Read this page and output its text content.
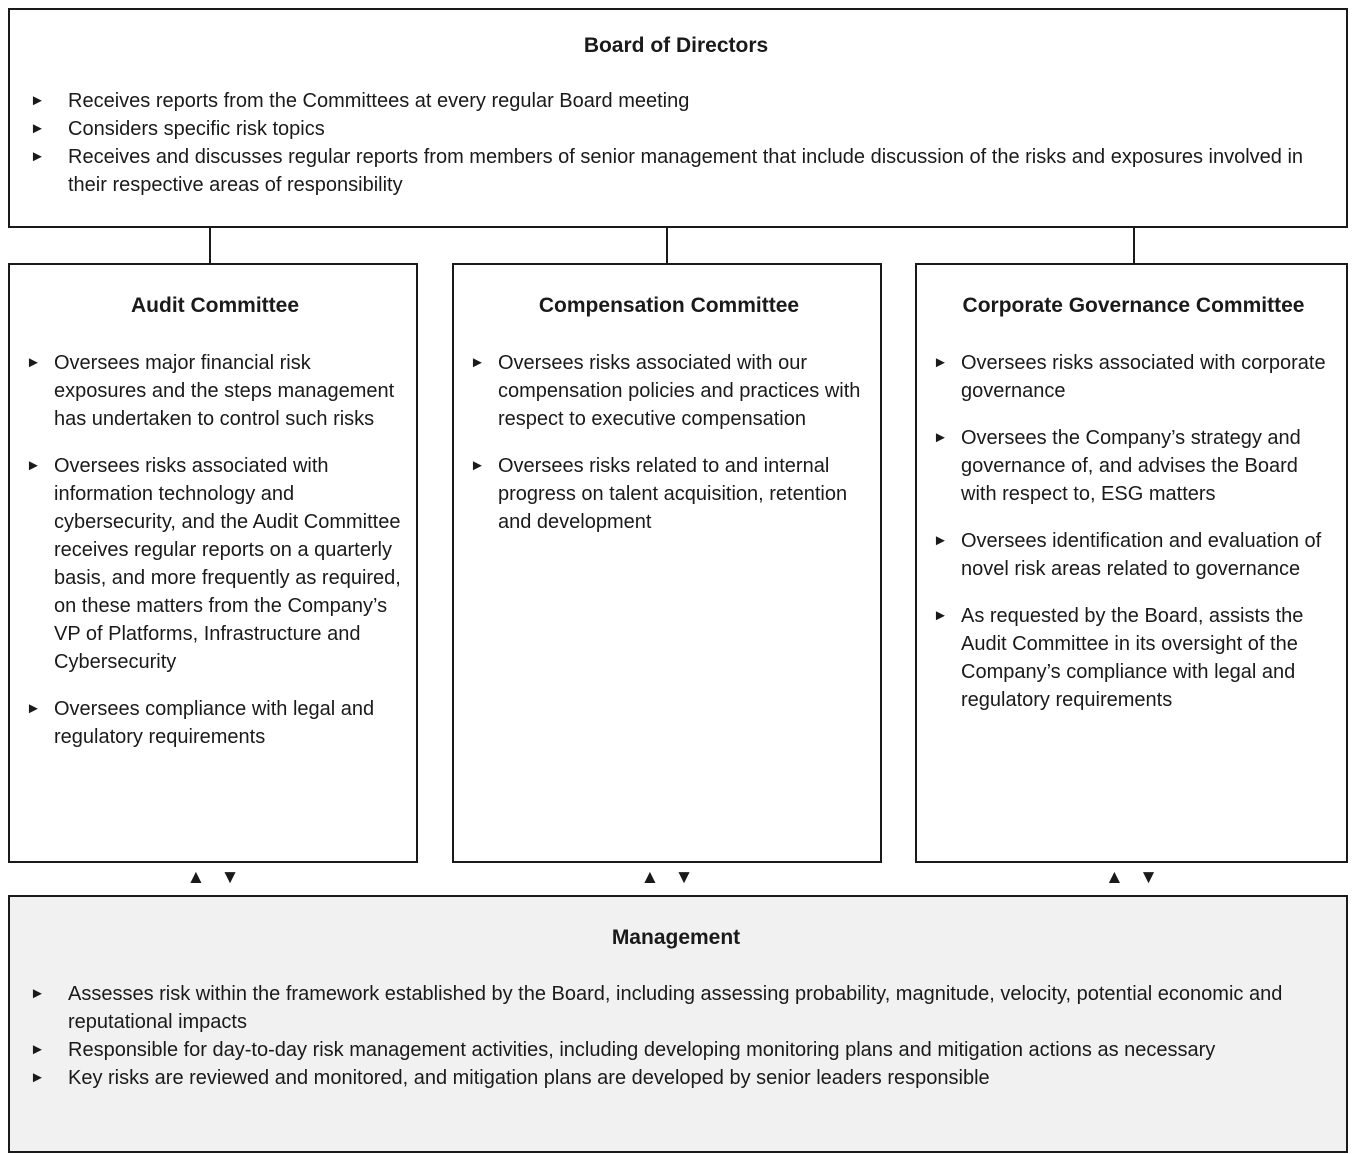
Board of Directors
►	Receives reports from the Committees at every regular Board meeting
►	Considers specific risk topics
►	Receives and discusses regular reports from members of senior management that include discussion of the risks and exposures involved in their respective areas of responsibility
Audit Committee
► Oversees major financial risk exposures and the steps management has undertaken to control such risks
► Oversees risks associated with information technology and cybersecurity, and the Audit Committee receives regular reports on a quarterly basis, and more frequently as required, on these matters from the Company’s VP of Platforms, Infrastructure and Cybersecurity
► Oversees compliance with legal and regulatory requirements
Compensation Committee
► Oversees risks associated with our compensation policies and practices with respect to executive compensation
► Oversees risks related to and internal progress on talent acquisition, retention and development
Corporate Governance Committee
► Oversees risks associated with corporate governance
► Oversees the Company’s strategy and governance of, and advises the Board with respect to, ESG matters
► Oversees identification and evaluation of novel risk areas related to governance
► As requested by the Board, assists the Audit Committee in its oversight of the Company’s compliance with legal and regulatory requirements
▲ ▼	▲ ▼	▲ ▼
Management
►	Assesses risk within the framework established by the Board, including assessing probability, magnitude, velocity, potential economic and reputational impacts
►	Responsible for day-to-day risk management activities, including developing monitoring plans and mitigation actions as necessary
►	Key risks are reviewed and monitored, and mitigation plans are developed by senior leaders responsible
